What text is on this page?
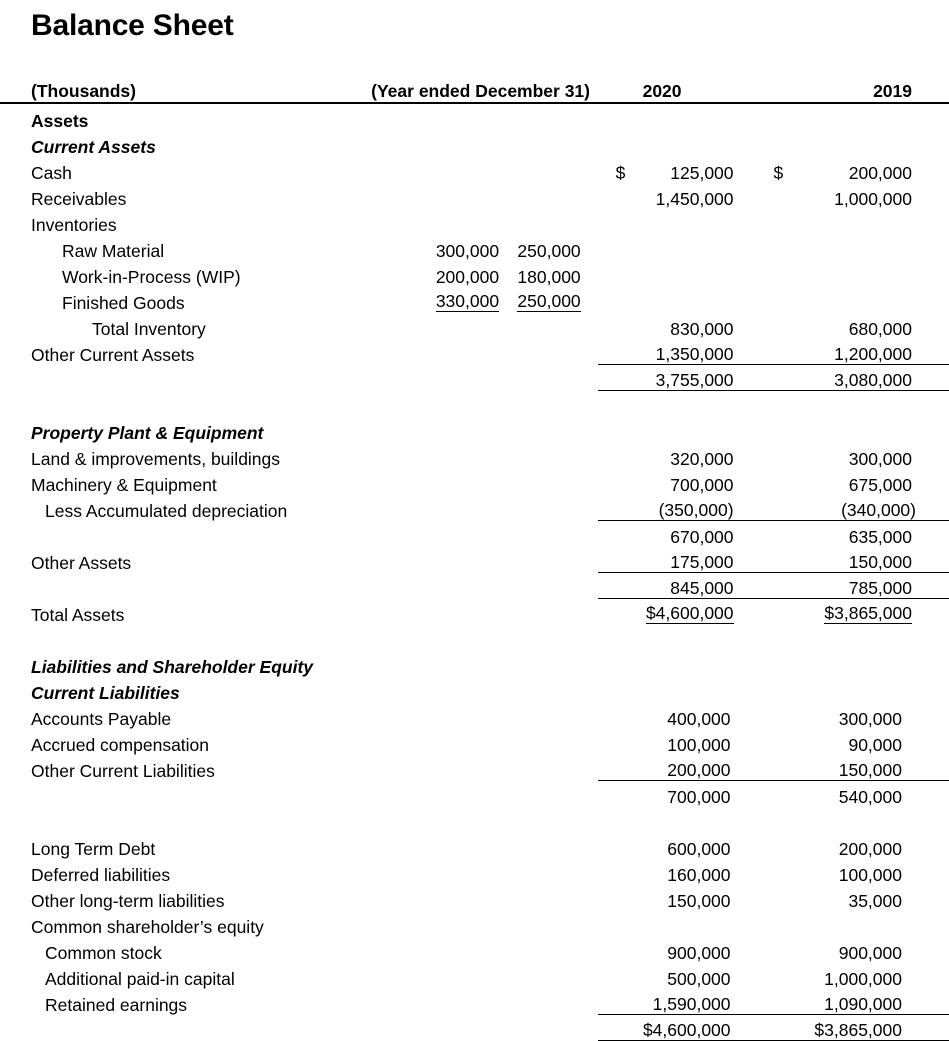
Balance Sheet
(Thousands)	(Year ended December 31)		2020		2019	

Assets						
Current Assets						
Cash			$	125,000	$	200,000
Receivables				1,450,000		1,000,000
Inventories						
Raw Material	300,000	250,000				
Work-in-Process (WIP)	200,000	180,000				
Finished Goods	330,000	250,000				
Total Inventory				830,000		680,000
Other Current Assets				1,350,000		1,200,000
				3,755,000		3,080,000

Property Plant & Equipment						
Land & improvements, buildings				320,000		300,000
Machinery & Equipment				700,000		675,000
Less Accumulated depreciation				(350,000)		(340,000)
				670,000		635,000
Other Assets				175,000		150,000
				845,000		785,000
Total Assets				$4,600,000		$3,865,000

Liabilities and Shareholder Equity						
Current Liabilities						
Accounts Payable				400,000		300,000
Accrued compensation				100,000		90,000
Other Current Liabilities				200,000		150,000
				700,000		540,000

Long Term Debt				600,000		200,000
Deferred liabilities				160,000		100,000
Other long-term liabilities				150,000		35,000
Common shareholder’s equity						
Common stock				900,000		900,000
Additional paid-in capital				500,000		1,000,000
Retained earnings				1,590,000		1,090,000
				$4,600,000		$3,865,000
